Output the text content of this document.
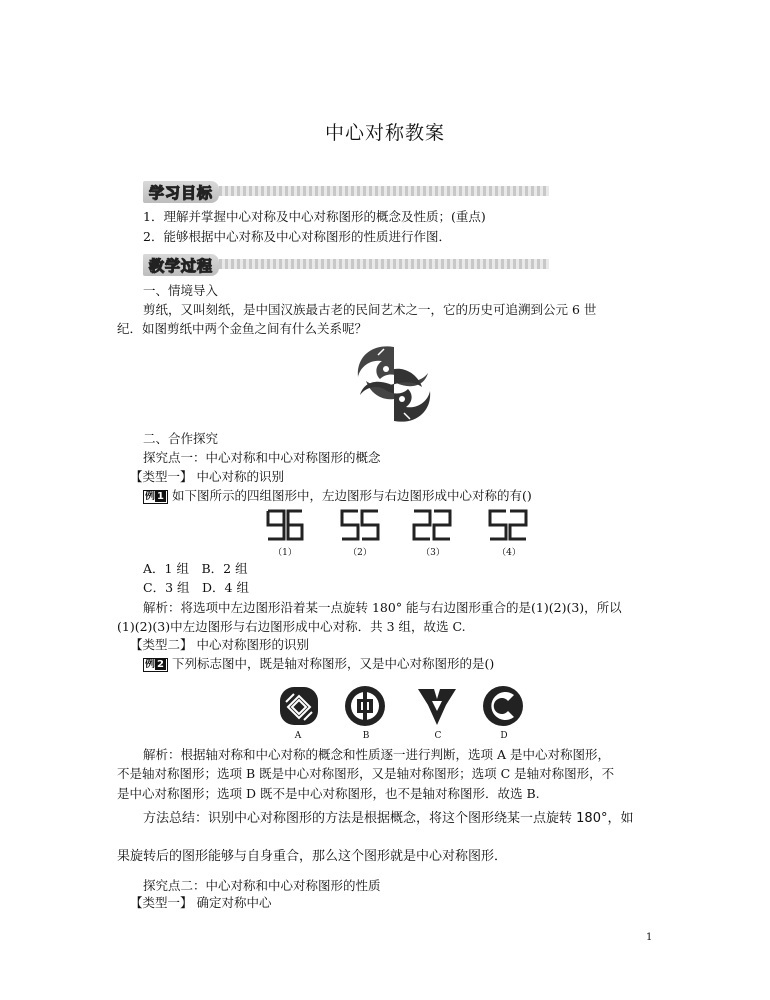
中心对称教案
学习目标
1．理解并掌握中心对称及中心对称图形的概念及性质；(重点)
2．能够根据中心对称及中心对称图形的性质进行作图．
教学过程
一、情境导入
剪纸，又叫刻纸，是中国汉族最古老的民间艺术之一，它的历史可追溯到公元 6 世
纪．如图剪纸中两个金鱼之间有什么关系呢？
二、合作探究
探究点一：中心对称和中心对称图形的概念
【类型一】 中心对称的识别
例 1 如下图所示的四组图形中，左边图形与右边图形成中心对称的有()
（1）	（2）	（3）	（4）
A．1 组　B．2 组
C．3 组　D．4 组
解析：将选项中左边图形沿着某一点旋转 180° 能与右边图形重合的是(1)(2)(3)，所以
(1)(2)(3)中左边图形与右边图形成中心对称．共 3 组，故选 C.
【类型二】 中心对称图形的识别
例 2 下列标志图中，既是轴对称图形，又是中心对称图形的是()
A	B	C	D
解析：根据轴对称和中心对称的概念和性质逐一进行判断，选项 A 是中心对称图形，
不是轴对称图形；选项 B 既是中心对称图形，又是轴对称图形；选项 C 是轴对称图形，不
是中心对称图形；选项 D 既不是中心对称图形，也不是轴对称图形．故选 B.
方法总结：识别中心对称图形的方法是根据概念，将这个图形绕某一点旋转 180°，如
果旋转后的图形能够与自身重合，那么这个图形就是中心对称图形．
探究点二：中心对称和中心对称图形的性质
【类型一】 确定对称中心
1
